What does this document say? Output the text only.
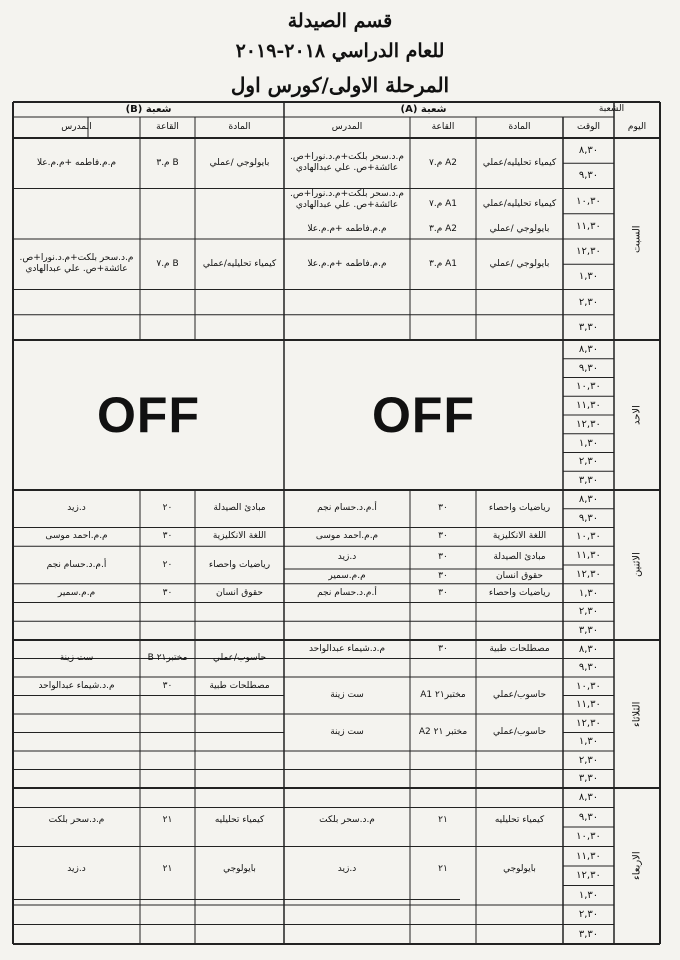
قسم الصيدلة
للعام الدراسي ٢٠١٨-٢٠١٩
المرحلة الاولى/كورس اول
الشعبة
اليوم
الوقت
شعبة (A)
شعبة (B)
المادة
القاعة
المدرس
المادة
القاعة
المدرس
٨,٣٠
٩,٣٠
١٠,٣٠
١١,٣٠
١٢,٣٠
١,٣٠
٢,٣٠
٣,٣٠
السبت
٨,٣٠
٩,٣٠
١٠,٣٠
١١,٣٠
١٢,٣٠
١,٣٠
٢,٣٠
٣,٣٠
الاحد
٨,٣٠
٩,٣٠
١٠,٣٠
١١,٣٠
١٢,٣٠
١,٣٠
٢,٣٠
٣,٣٠
الاثنين
٨,٣٠
٩,٣٠
١٠,٣٠
١١,٣٠
١٢,٣٠
١,٣٠
٢,٣٠
٣,٣٠
الثلاثاء
٨,٣٠
٩,٣٠
١٠,٣٠
١١,٣٠
١٢,٣٠
١,٣٠
٢,٣٠
٣,٣٠
الاربعاء
كيمياء تحليليه/عملي
A2 م.٧
م.د.سحر بلكت+م.د.نورا+ص. عائشة+ص. علي عبدالهادي
كيمياء تحليليه/عملي
A1 م.٧
م.د.سحر بلكت+م.د.نورا+ص. عائشة+ص. علي عبدالهادي
بايولوجي /عملي
A2 م.٣
م.م.فاطمه +م.م.علا
بايولوجي /عملي
A1 م.٣
م.م.فاطمه +م.م.علا
بايولوجي /عملي
B م.٣
م.م.فاطمه +م.م.علا
كيمياء تحليليه/عملي
B م.٧
م.د.سحر بلكت+م.د.نورا+ص. عائشة+ص. علي عبدالهادي
OFF
OFF
رياضيات واحصاء
٣٠
أ.م.د.حسام نجم
اللغة الانكليزية
٣٠
م.م.احمد موسى
مبادئ الصيدلة
٣٠
د.زيد
حقوق انسان
٣٠
م.م.سمير
رياضيات واحصاء
٣٠
أ.م.د.حسام نجم
مبادئ الصيدلة
٢٠
د.زيد
اللغة الانكليزية
٣٠
م.م.احمد موسى
رياضيات واحصاء
٢٠
أ.م.د.حسام نجم
حقوق انسان
٣٠
م.م.سمير
مصطلحات طبية
٣٠
م.د.شيماء عبدالواحد
حاسوب/عملي
مختبر٢١ A1
ست زينة
حاسوب/عملي
مختبر ٢١ A2
ست زينة
حاسوب/عملي
مختبر٢١ B
ست زينة
مصطلحات طبية
٣٠
م.د.شيماء عبدالواحد
كيمياء تحليليه
٢١
م.د.سحر بلكت
بايولوجي
٢١
د.زيد
كيمياء تحليليه
٢١
م.د.سحر بلكت
بايولوجي
٢١
د.زيد
